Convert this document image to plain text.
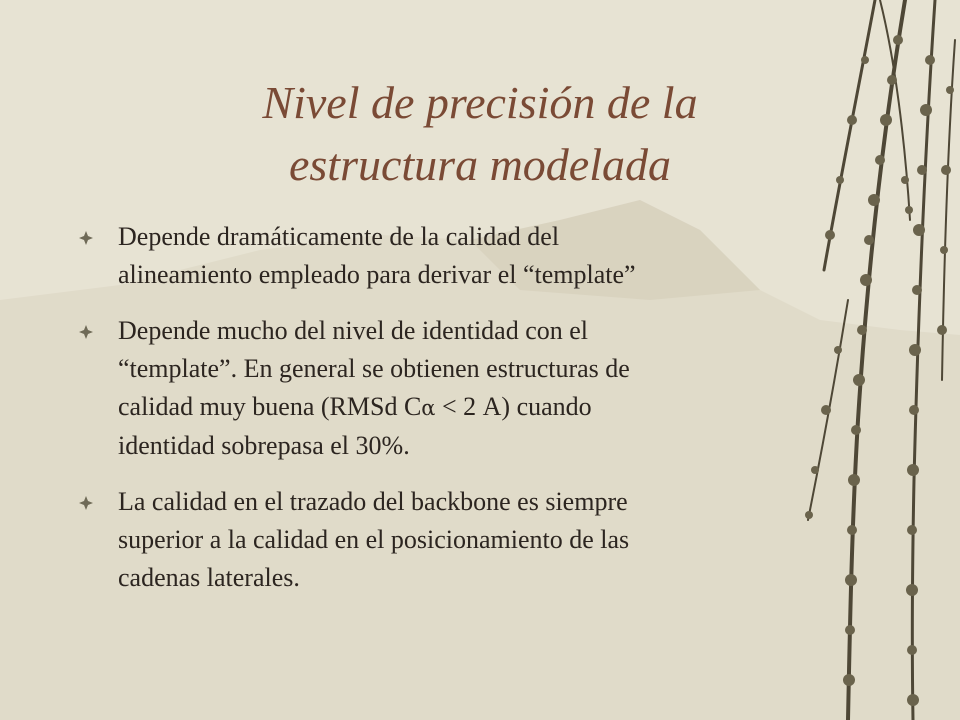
Nivel de precisión de la
estructura modelada
Depende dramáticamente de la calidad del
alineamiento empleado para derivar el “template”
Depende mucho del nivel de identidad con el
“template”. En general se obtienen estructuras de
calidad muy buena (RMSd Cα < 2 A) cuando
identidad sobrepasa el 30%.
La calidad en el trazado del backbone es siempre
superior a la calidad en el posicionamiento de las
cadenas laterales.
